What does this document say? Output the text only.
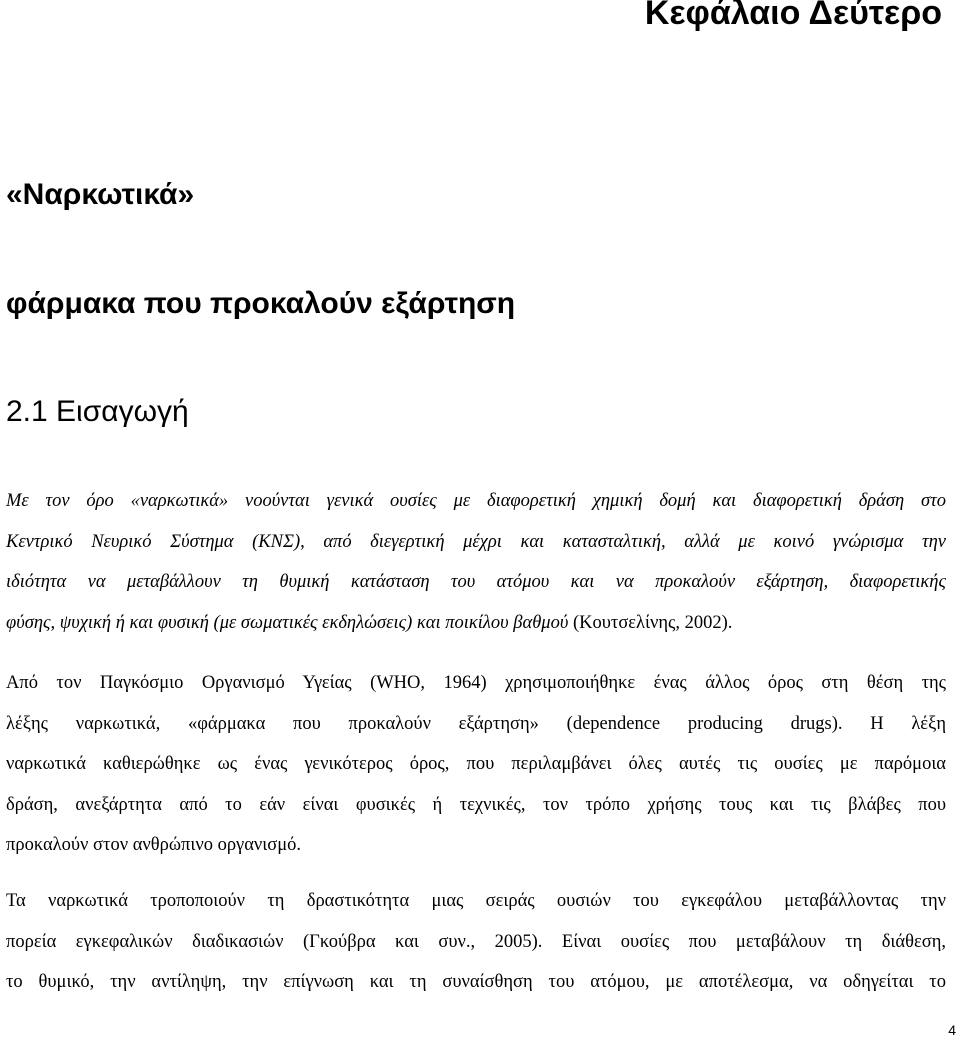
Κεφάλαιο Δεύτερο
«Ναρκωτικά»
φάρμακα που προκαλούν εξάρτηση
2.1 Εισαγωγή

Με τον όρο «ναρκωτικά» νοούνται γενικά ουσίες με διαφορετική χημική δομή και διαφορετική δράση στο
Κεντρικό Νευρικό Σύστημα (ΚΝΣ), από διεγερτική μέχρι και κατασταλτική, αλλά με κοινό γνώρισμα την
ιδιότητα να μεταβάλλουν τη θυμική κατάσταση του ατόμου και να προκαλούν εξάρτηση, διαφορετικής
φύσης, ψυχική ή και φυσική (με σωματικές εκδηλώσεις) και ποικίλου βαθμού (Κουτσελίνης, 2002).

Από τον Παγκόσμιο Οργανισμό Υγείας (WHO, 1964) χρησιμοποιήθηκε ένας άλλος όρος στη θέση της
λέξης ναρκωτικά, «φάρμακα που προκαλούν εξάρτηση» (dependence producing drugs). Η λέξη
ναρκωτικά καθιερώθηκε ως ένας γενικότερος όρος, που περιλαμβάνει όλες αυτές τις ουσίες με παρόμοια
δράση, ανεξάρτητα από το εάν είναι φυσικές ή τεχνικές, τον τρόπο χρήσης τους και τις βλάβες που
προκαλούν στον ανθρώπινο οργανισμό.

Τα ναρκωτικά τροποποιούν τη δραστικότητα μιας σειράς ουσιών του εγκεφάλου μεταβάλλοντας την
πορεία εγκεφαλικών διαδικασιών (Γκούβρα και συν., 2005). Είναι ουσίες που μεταβάλουν τη διάθεση,
το θυμικό, την αντίληψη, την επίγνωση και τη συναίσθηση του ατόμου, με αποτέλεσμα, να οδηγείται το

4
